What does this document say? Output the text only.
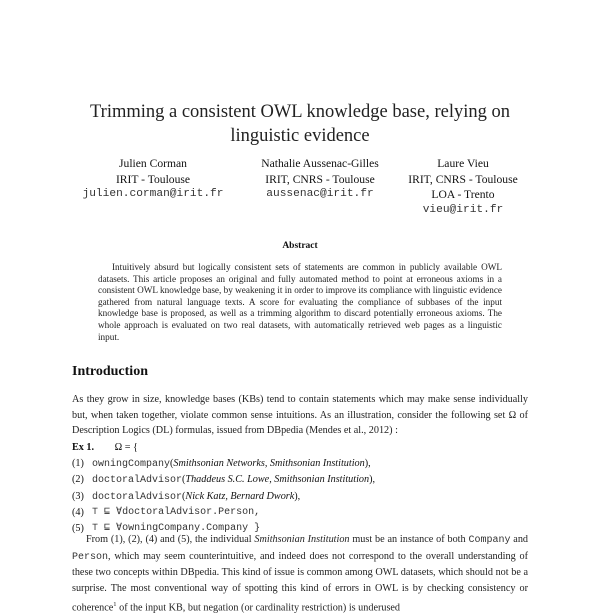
Trimming a consistent OWL knowledge base, relying on
linguistic evidence
Julien Corman
IRIT - Toulouse
julien.corman@irit.fr
Nathalie Aussenac-Gilles
IRIT, CNRS - Toulouse
aussenac@irit.fr
Laure Vieu
IRIT, CNRS - Toulouse
LOA - Trento
vieu@irit.fr
Abstract
Intuitively absurd but logically consistent sets of statements are common in publicly available OWL datasets. This article proposes an original and fully automated method to point at erroneous axioms in a consistent OWL knowledge base, by weakening it in order to improve its compliance with linguistic evidence gathered from natural language texts. A score for evaluating the compliance of subbases of the input knowledge base is proposed, as well as a trimming algorithm to discard potentially erroneous axioms. The whole approach is evaluated on two real datasets, with automatically retrieved web pages as a linguistic input.
Introduction
As they grow in size, knowledge bases (KBs) tend to contain statements which may make sense individually but, when taken together, violate common sense intuitions. As an illustration, consider the following set Ω of Description Logics (DL) formulas, issued from DBpedia (Mendes et al., 2012) :
Ex 1. Ω = {
(1) owningCompany(Smithsonian Networks, Smithsonian Institution),
(2) doctoralAdvisor(Thaddeus S.C. Lowe, Smithsonian Institution),
(3) doctoralAdvisor(Nick Katz, Bernard Dwork),
(4) ⊤ ⊑ ∀doctoralAdvisor.Person,
(5) ⊤ ⊑ ∀owningCompany.Company }
From (1), (2), (4) and (5), the individual Smithsonian Institution must be an instance of both Company and Person, which may seem counterintuitive, and indeed does not correspond to the overall understanding of these two concepts within DBpedia. This kind of issue is common among OWL datasets, which should not be a surprise. The most conventional way of spotting this kind of errors in OWL is by checking consistency or coherence$^1$ of the input KB, but negation (or cardinality restriction) is underused
